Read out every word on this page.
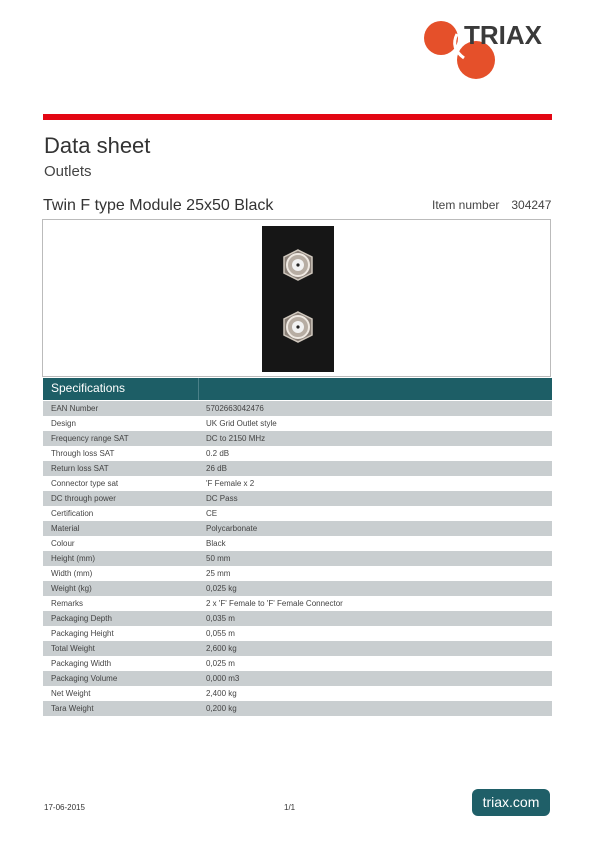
TRIAX
Data sheet
Outlets
Twin F type Module 25x50 Black	Item number 304247
Specifications
EAN Number	5702663042476
Design	UK Grid Outlet style
Frequency range SAT	DC to 2150 MHz
Through loss SAT	0.2 dB
Return loss SAT	26 dB
Connector type sat	'F Female x 2
DC through power	DC Pass
Certification	CE
Material	Polycarbonate
Colour	Black
Height (mm)	50 mm
Width (mm)	25 mm
Weight (kg)	0,025 kg
Remarks	2 x 'F' Female to 'F' Female Connector
Packaging Depth	0,035 m
Packaging Height	0,055 m
Total Weight	2,600 kg
Packaging Width	0,025 m
Packaging Volume	0,000 m3
Net Weight	2,400 kg
Tara Weight	0,200 kg
17-06-2015	1/1	triax.com
